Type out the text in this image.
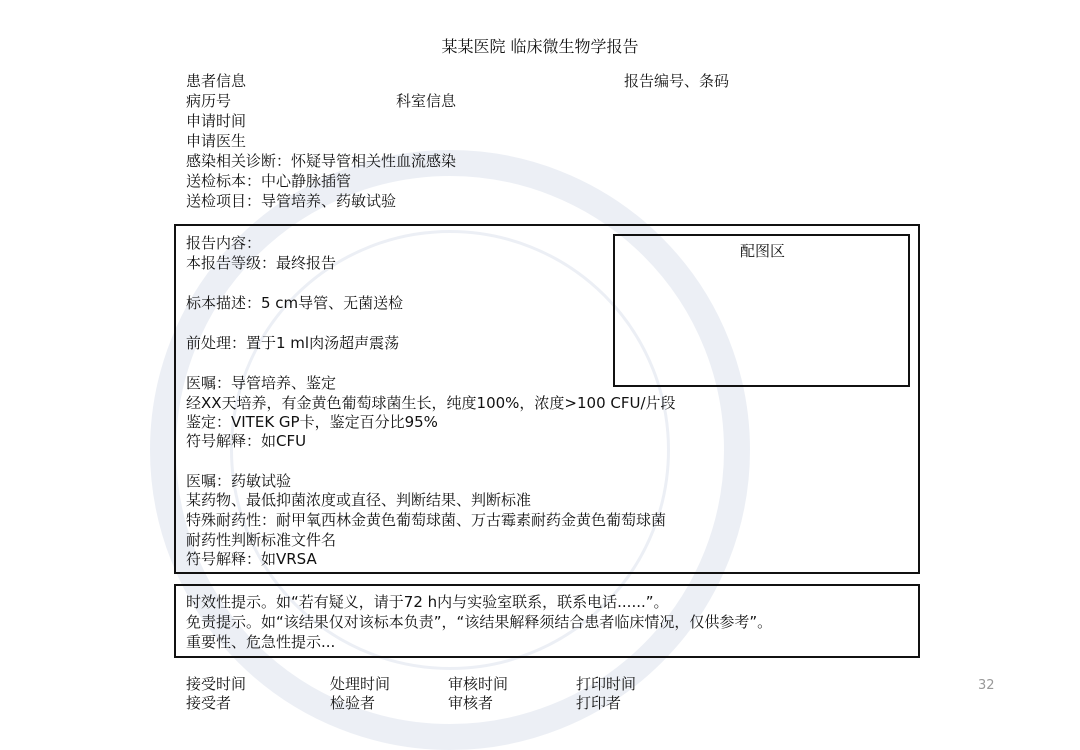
某某医院 临床微生物学报告
患者信息	报告编号、条码
病历号	科室信息
申请时间
申请医生
感染相关诊断：怀疑导管相关性血流感染
送检标本：中心静脉插管
送检项目：导管培养、药敏试验
配图区
报告内容：
本报告等级：最终报告
标本描述：5 cm导管、无菌送检
前处理：置于1 ml肉汤超声震荡
医嘱：导管培养、鉴定
经XX天培养，有金黄色葡萄球菌生长，纯度100%，浓度>100 CFU/片段
鉴定：VITEK GP卡，鉴定百分比95%
符号解释：如CFU
医嘱：药敏试验
某药物、最低抑菌浓度或直径、判断结果、判断标准
特殊耐药性：耐甲氧西林金黄色葡萄球菌、万古霉素耐药金黄色葡萄球菌
耐药性判断标准文件名
符号解释：如VRSA
时效性提示。如“若有疑义，请于72 h内与实验室联系，联系电话......”。
免责提示。如“该结果仅对该标本负责”，“该结果解释须结合患者临床情况，仅供参考”。
重要性、危急性提示...
接受时间	处理时间	审核时间	打印时间
接受者	检验者	审核者	打印者
32
